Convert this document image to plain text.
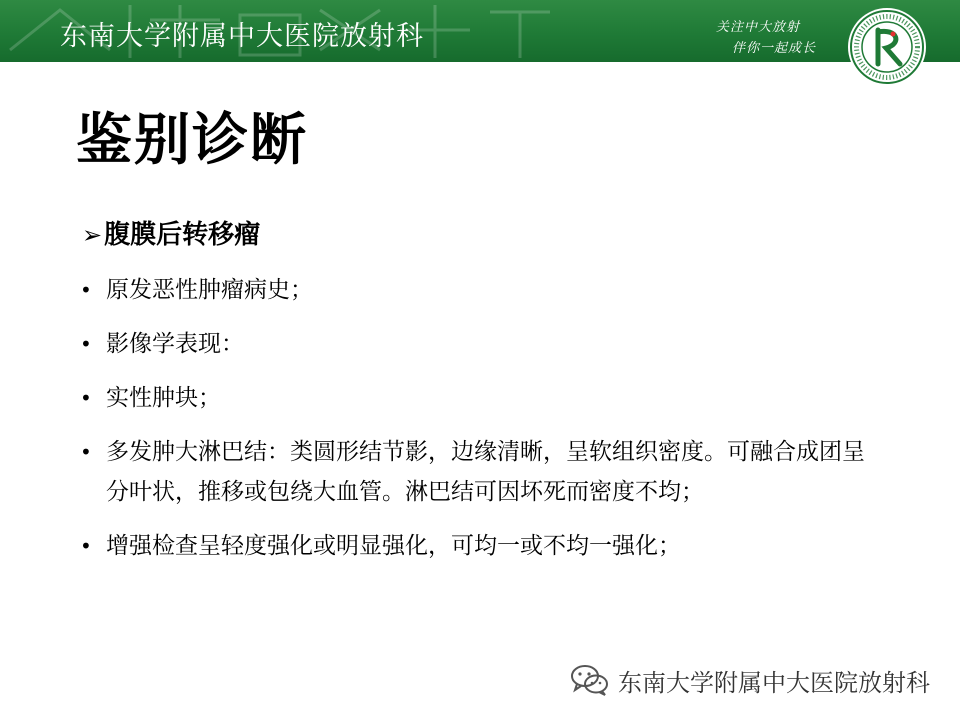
东南大学附属中大医院放射科	关注中大放射
伴你一起成长
鉴别诊断
➢腹膜后转移瘤
• 原发恶性肿瘤病史；
• 影像学表现：
• 实性肿块；
• 多发肿大淋巴结：类圆形结节影，边缘清晰，呈软组织密度。可融合成团呈分叶状，推移或包绕大血管。淋巴结可因坏死而密度不均；
• 增强检查呈轻度强化或明显强化，可均一或不均一强化；
东南大学附属中大医院放射科
